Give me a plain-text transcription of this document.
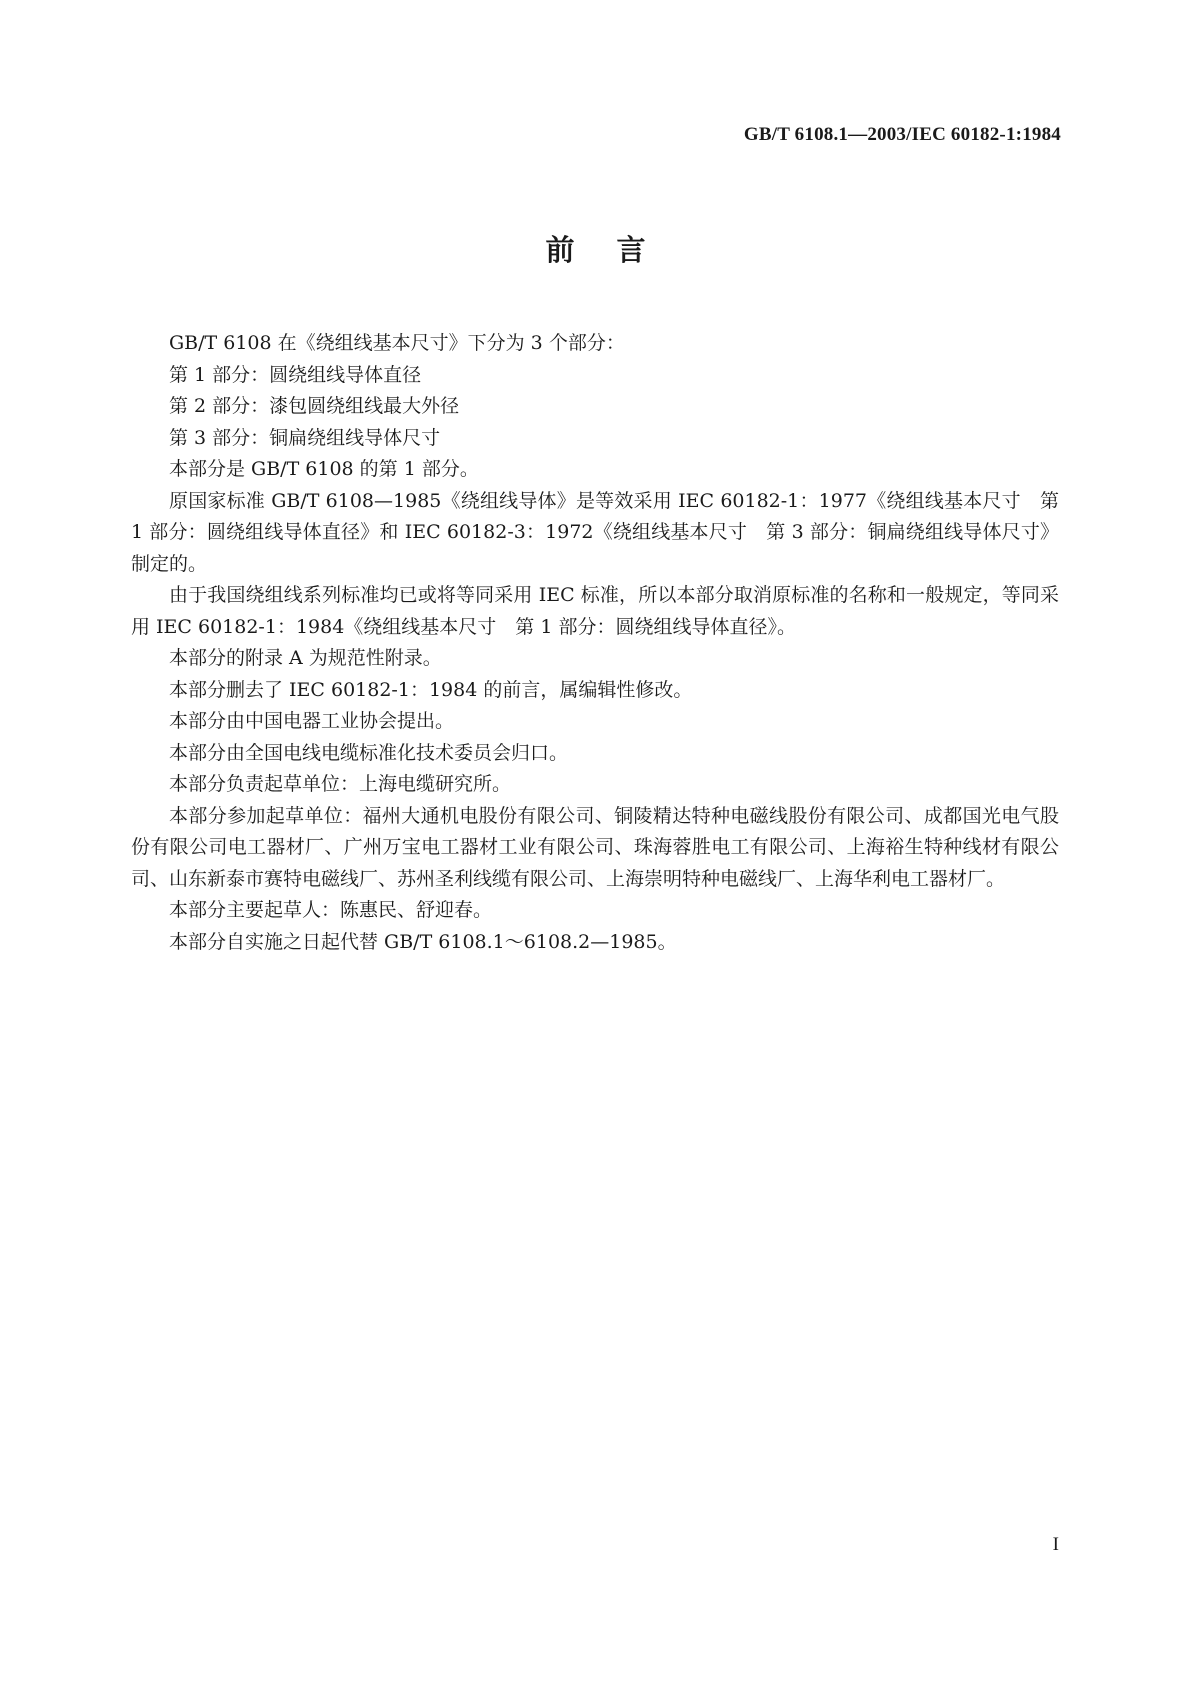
GB/T 6108.1—2003/IEC 60182-1:1984
前言

GB/T 6108 在《绕组线基本尺寸》下分为 3 个部分：

第 1 部分：圆绕组线导体直径

第 2 部分：漆包圆绕组线最大外径

第 3 部分：铜扁绕组线导体尺寸

本部分是 GB/T 6108 的第 1 部分。

原国家标准 GB/T 6108—1985《绕组线导体》是等效采用 IEC 60182-1：1977《绕组线基本尺寸　第 1 部分：圆绕组线导体直径》和 IEC 60182-3：1972《绕组线基本尺寸　第 3 部分：铜扁绕组线导体尺寸》制定的。

由于我国绕组线系列标准均已或将等同采用 IEC 标准，所以本部分取消原标准的名称和一般规定，等同采用 IEC 60182-1：1984《绕组线基本尺寸　第 1 部分：圆绕组线导体直径》。

本部分的附录 A 为规范性附录。

本部分删去了 IEC 60182-1：1984 的前言，属编辑性修改。

本部分由中国电器工业协会提出。

本部分由全国电线电缆标准化技术委员会归口。

本部分负责起草单位：上海电缆研究所。

本部分参加起草单位：福州大通机电股份有限公司、铜陵精达特种电磁线股份有限公司、成都国光电气股份有限公司电工器材厂、广州万宝电工器材工业有限公司、珠海蓉胜电工有限公司、上海裕生特种线材有限公司、山东新泰市赛特电磁线厂、苏州圣利线缆有限公司、上海崇明特种电磁线厂、上海华利电工器材厂。

本部分主要起草人：陈惠民、舒迎春。

本部分自实施之日起代替 GB/T 6108.1～6108.2—1985。

I
